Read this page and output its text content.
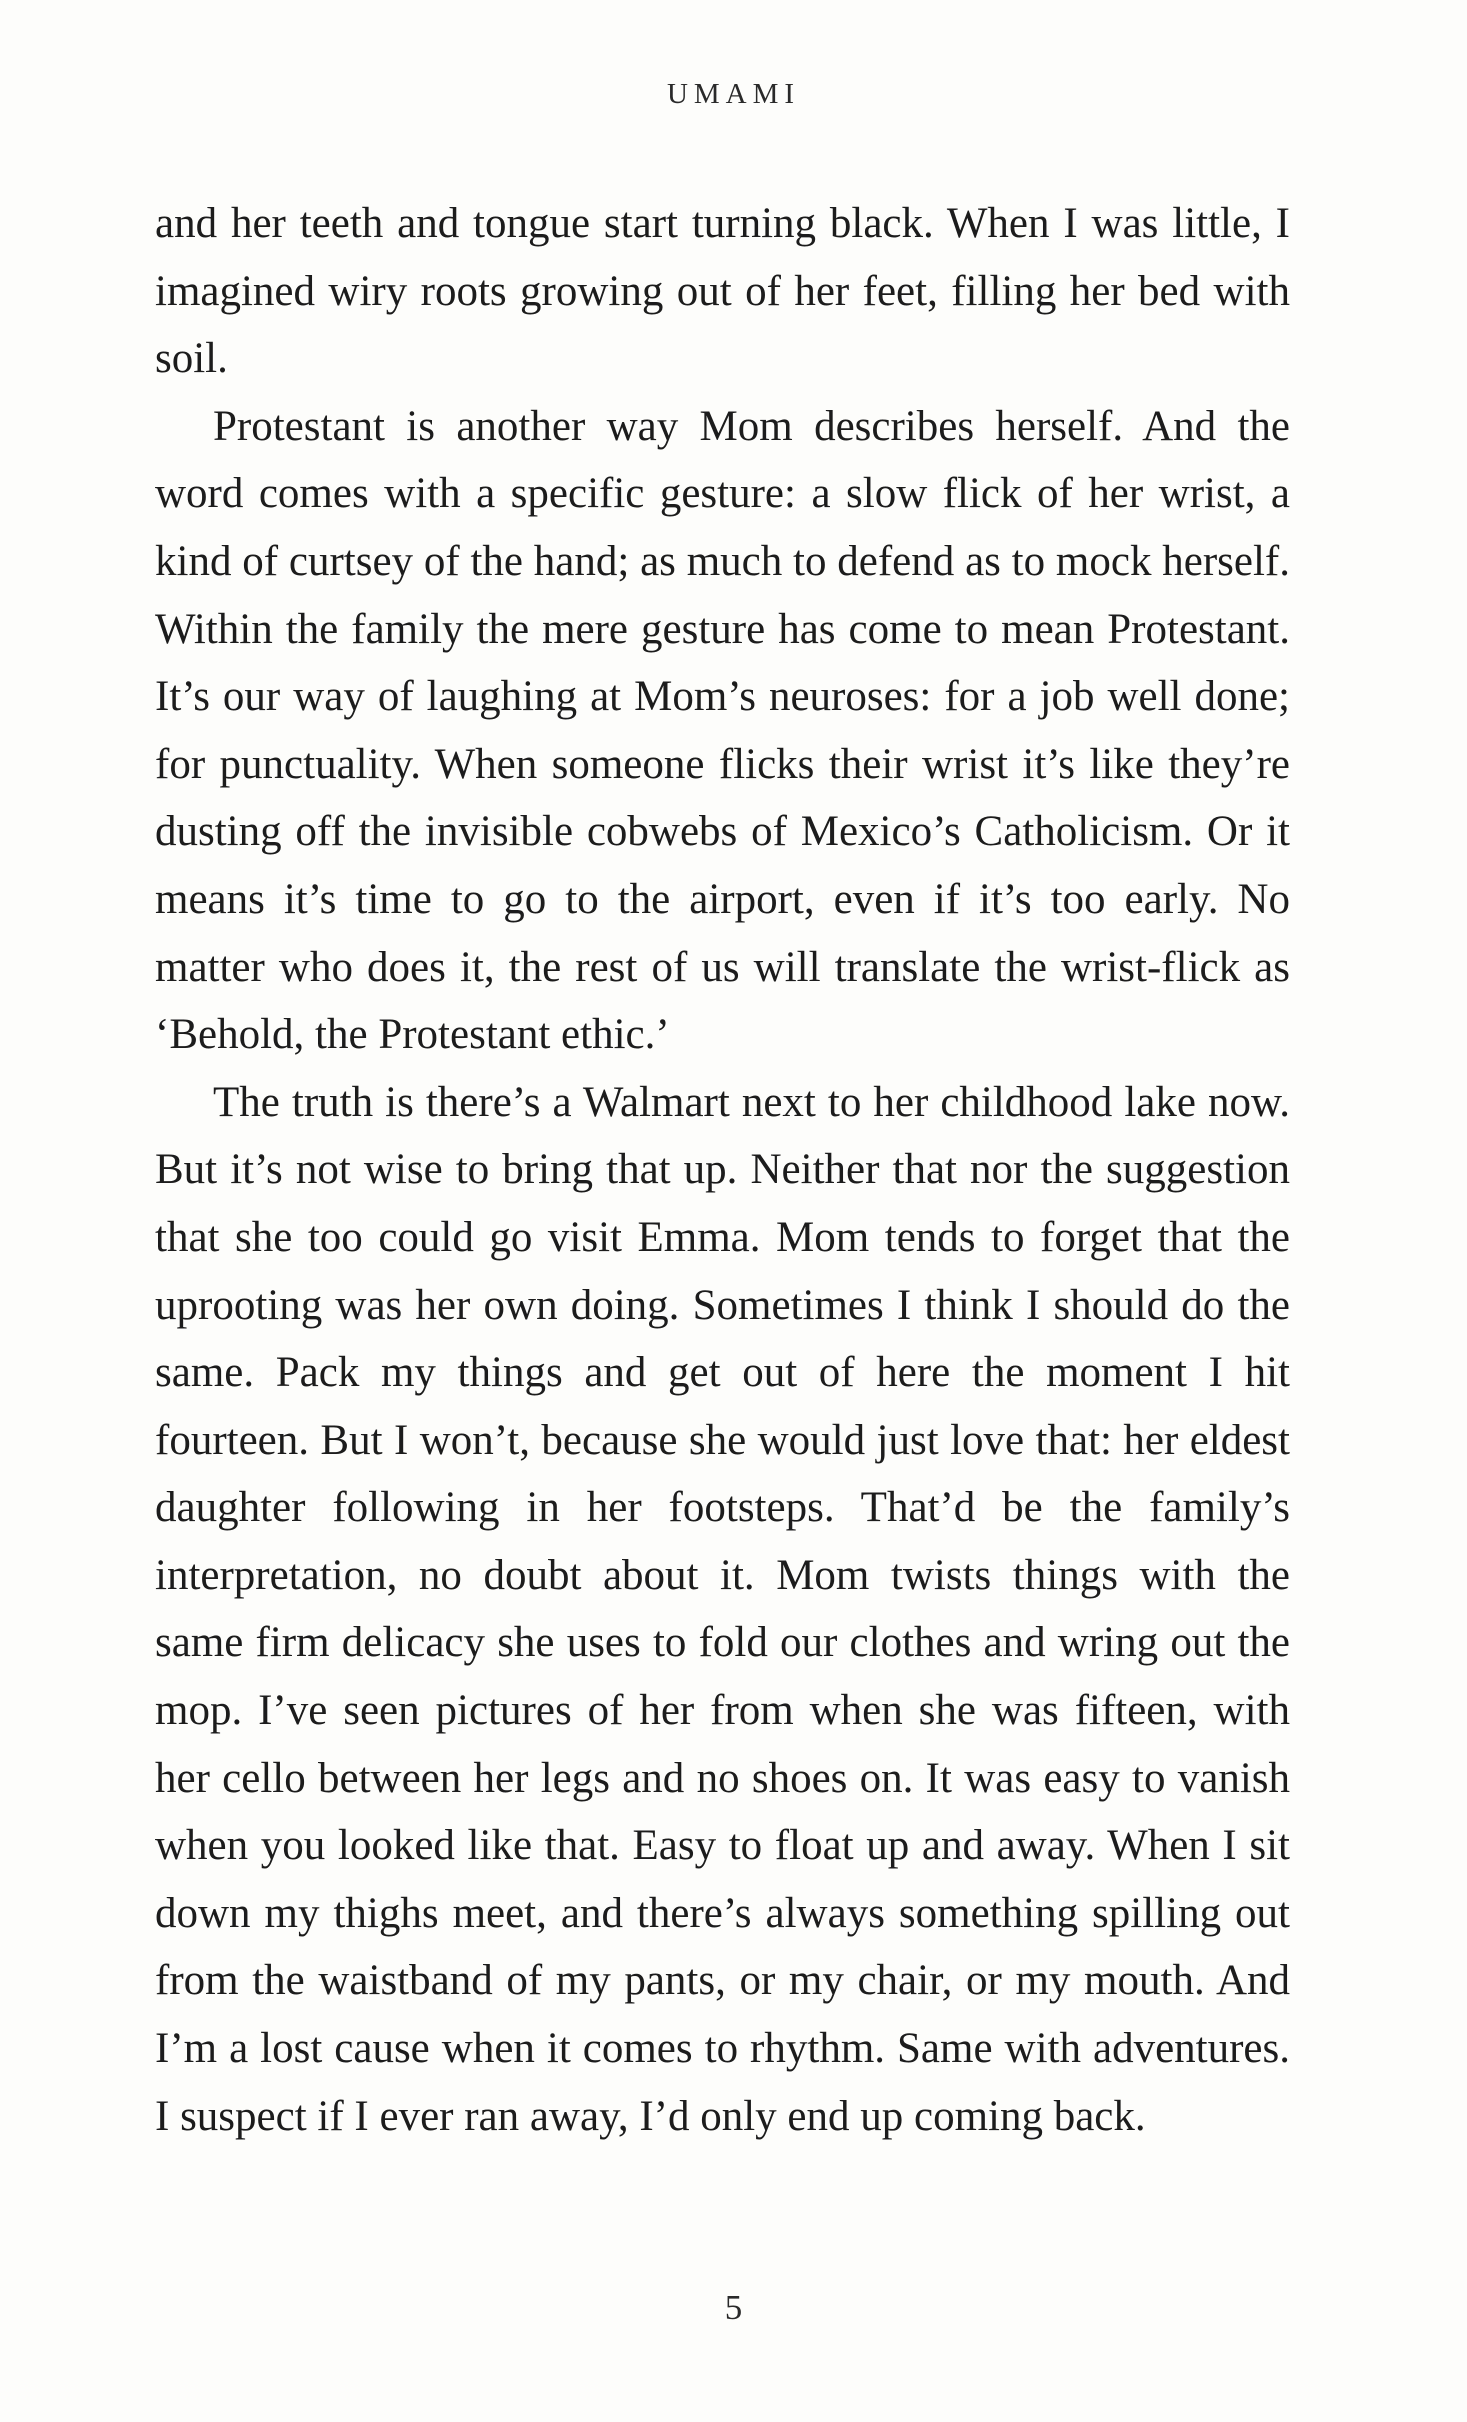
UMAMI

and her teeth and tongue start turning black. When I was little, I imagined wiry roots growing out of her feet, filling her bed with soil.

Protestant is another way Mom describes herself. And the word comes with a specific gesture: a slow flick of her wrist, a kind of curtsey of the hand; as much to defend as to mock herself. Within the family the mere gesture has come to mean Protestant. It’s our way of laughing at Mom’s neuroses: for a job well done; for punctuality. When someone flicks their wrist it’s like they’re dusting off the invisible cobwebs of Mexico’s Catholicism. Or it means it’s time to go to the airport, even if it’s too early. No matter who does it, the rest of us will translate the wrist-flick as ‘Behold, the Protestant ethic.’

The truth is there’s a Walmart next to her childhood lake now. But it’s not wise to bring that up. Neither that nor the suggestion that she too could go visit Emma. Mom tends to forget that the uprooting was her own doing. Sometimes I think I should do the same. Pack my things and get out of here the moment I hit fourteen. But I won’t, because she would just love that: her eldest daughter following in her footsteps. That’d be the family’s interpretation, no doubt about it. Mom twists things with the same firm delicacy she uses to fold our clothes and wring out the mop. I’ve seen pictures of her from when she was fifteen, with her cello between her legs and no shoes on. It was easy to vanish when you looked like that. Easy to float up and away. When I sit down my thighs meet, and there’s always something spilling out from the waistband of my pants, or my chair, or my mouth. And I’m a lost cause when it comes to rhythm. Same with adventures. I suspect if I ever ran away, I’d only end up coming back.

5
